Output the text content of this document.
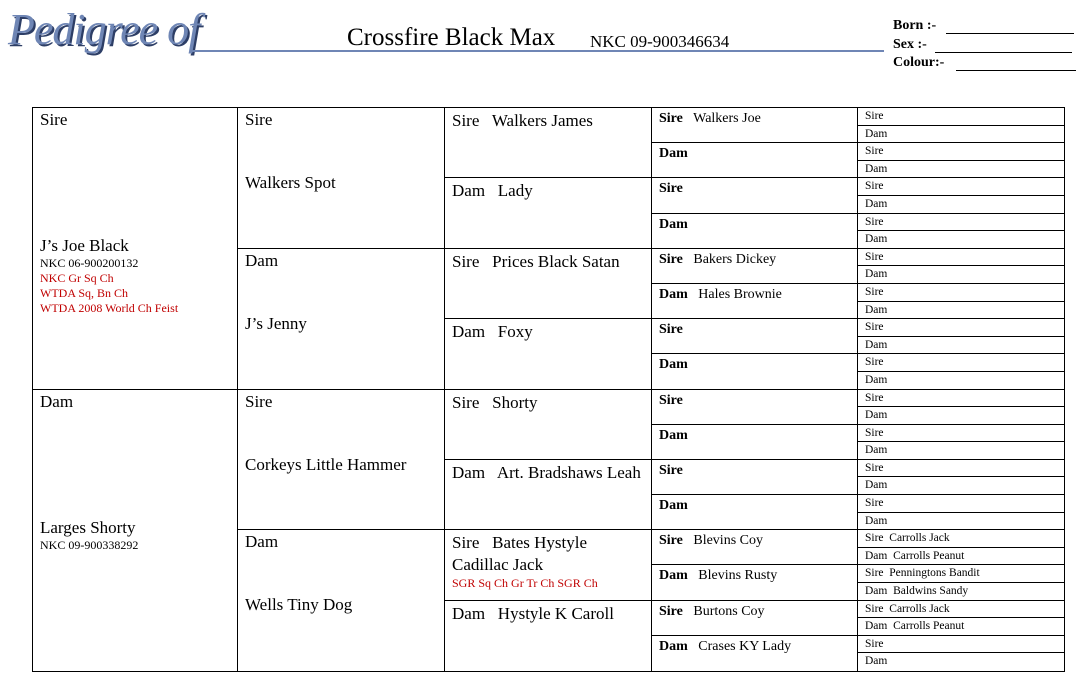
Pedigree of	Crossfire Black Max NKC 09-900346634
Born :-
Sex :-
Colour:-
Sire
J’s Joe Black
NKC 06-900200132
NKC Gr Sq Ch
WTDA Sq, Bn Ch
WTDA 2008 World Ch Feist
Dam
Larges Shorty
NKC 09-900338292
Sire
Walkers Spot
Dam
J’s Jenny
Sire
Corkeys Little Hammer
Dam
Wells Tiny Dog
Sire Walkers James
Dam Lady
Sire Prices Black Satan
Dam Foxy
Sire Shorty
Dam Art. Bradshaws Leah
Sire Bates Hystyle Cadillac Jack
SGR Sq Ch Gr Tr Ch SGR Ch
Dam Hystyle K Caroll
Sire Walkers Joe
Dam
Sire
Dam
Sire Bakers Dickey
Dam Hales Brownie
Sire
Dam
Sire
Dam
Sire
Dam
Sire Blevins Coy
Dam Blevins Rusty
Sire Burtons Coy
Dam Crases KY Lady
Sire
Dam
Sire
Dam
Sire
Dam
Sire
Dam
Sire
Dam
Sire
Dam
Sire
Dam
Sire
Dam
Sire
Dam
Sire
Dam
Sire
Dam
Sire
Dam
Sire Carrolls Jack
Dam Carrolls Peanut
Sire Penningtons Bandit
Dam Baldwins Sandy
Sire Carrolls Jack
Dam Carrolls Peanut
Sire
Dam
